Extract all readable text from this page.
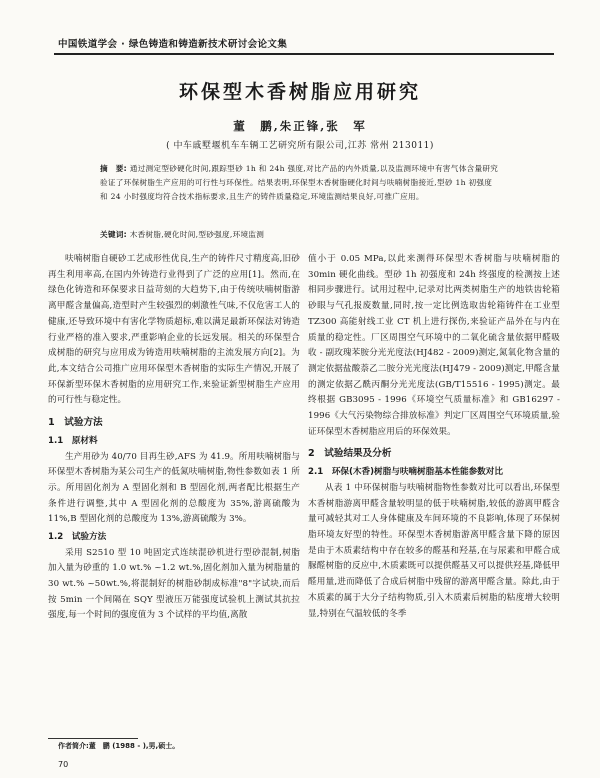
中国铁道学会 · 绿色铸造和铸造新技术研讨会论文集
环保型木香树脂应用研究
董　鹏,朱正锋,张　军
( 中车戚墅堰机车车辆工艺研究所有限公司,江苏 常州 213011)
摘　要: 通过测定型砂硬化时间,跟踪型砂 1h 和 24h 强度,对比产品的内外质量,以及监测环境中有害气体含量研究验证了环保树脂生产应用的可行性与环保性。结果表明,环保型木香树脂硬化时间与呋喃树脂接近,型砂 1h 初强度和 24 小时强度均符合技术指标要求,且生产的铸件质量稳定,环境监测结果良好,可推广应用。
关键词: 木香树脂,硬化时间,型砂强度,环境监测

呋喃树脂自硬砂工艺成形性优良,生产的铸件尺寸精度高,旧砂再生利用率高,在国内外铸造行业得到了广泛的应用[1]。然而,在绿色化铸造和环保要求日益苛刻的大趋势下,由于传统呋喃树脂游离甲醛含量偏高,造型时产生较强烈的刺激性气味,不仅危害工人的健康,还导致环境中有害化学物质超标,难以满足最新环保法对铸造行业严格的准入要求,严重影响企业的长远发展。相关的环保型合成树脂的研究与应用成为铸造用呋喃树脂的主流发展方向[2]。为此,本文结合公司推广应用环保型木香树脂的实际生产情况,开展了环保新型环保木香树脂的应用研究工作,来验证新型树脂生产应用的可行性与稳定性。

1　试验方法
1.1　原材料

生产用砂为 40/70 目再生砂,AFS 为 41.9。所用呋喃树脂与环保型木香树脂为某公司生产的低氮呋喃树脂,物性参数如表 1 所示。所用固化剂为 A 型固化剂和 B 型固化剂,两者配比根据生产条件进行调整,其中 A 型固化剂的总酸度为 35%,游离硫酸为 11%,B 型固化剂的总酸度为 13%,游离硫酸为 3%。

1.2　试验方法

采用 S2510 型 10 吨固定式连续混砂机进行型砂混制,树脂加入量为砂重的 1.0 wt.% ~1.2 wt.%,固化剂加入量为树脂量的 30 wt.% ~50wt.%,将混制好的树脂砂制成标准"8"字试块,而后按 5min 一个间隔在 SQY 型液压万能强度试验机上测试其抗拉强度,每一个时间的强度值为 3 个试样的平均值,离散

值小于 0.05 MPa,以此来测得环保型木香树脂与呋喃树脂的 30min 硬化曲线。型砂 1h 初强度和 24h 终强度的检测按上述相同步骤进行。试用过程中,记录对比两类树脂生产的地铁齿轮箱砂眼与气孔报废数量,同时,按一定比例选取齿轮箱铸件在工业型 TZ300 高能射线工业 CT 机上进行探伤,来验证产品外在与内在质量的稳定性。厂区周围空气环境中的二氧化硫含量依据甲醛吸收 - 副玫瑰苯胺分光光度法(HJ482 - 2009)测定,氮氧化物含量的测定依据盐酸萘乙二胺分光光度法(HJ479 - 2009)测定,甲醛含量的测定依据乙酰丙酮分光光度法(GB/T15516 - 1995)测定。最终根据 GB3095 - 1996《环境空气质量标准》和 GB16297 - 1996《大气污染物综合排放标准》判定厂区周围空气环境质量,验证环保型木香树脂应用后的环保效果。

2　试验结果及分析
2.1　环保(木香)树脂与呋喃树脂基本性能参数对比

从表 1 中环保树脂与呋喃树脂物性参数对比可以看出,环保型木香树脂游离甲醛含量较明显的低于呋喃树脂,较低的游离甲醛含量可减轻其对工人身体健康及车间环境的不良影响,体现了环保树脂环境友好型的特性。环保型木香树脂游离甲醛含量下降的原因是由于木质素结构中存在较多的醛基和羟基,在与尿素和甲醛合成脲醛树脂的反应中,木质素既可以提供醛基又可以提供羟基,降低甲醛用量,进而降低了合成后树脂中残留的游离甲醛含量。除此,由于木质素的属于大分子结构物质,引入木质素后树脂的粘度增大较明显,特别在气温较低的冬季

作者简介:董　鹏 (1988 - ),男,硕士。
70
